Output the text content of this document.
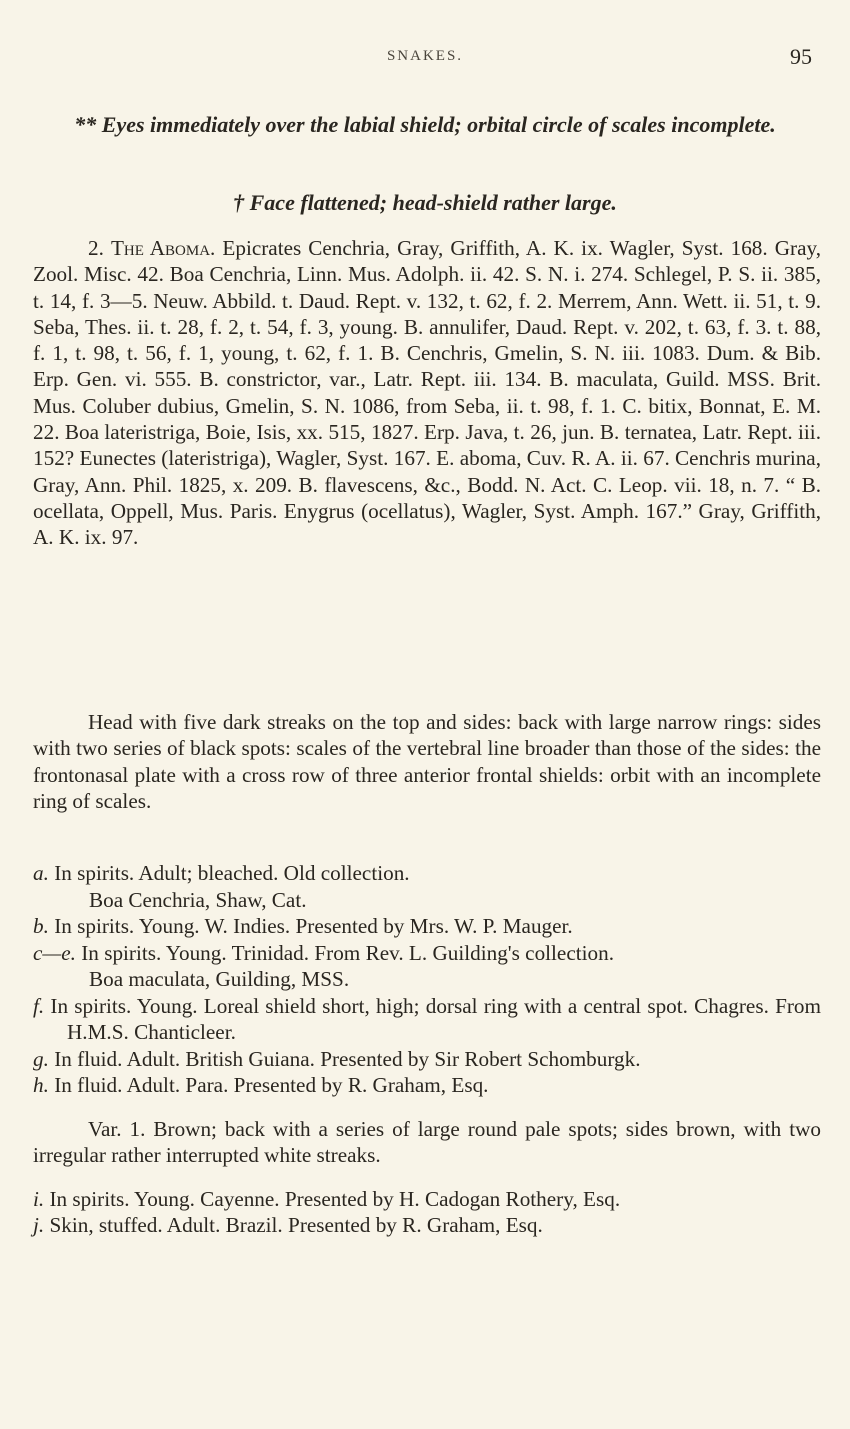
SNAKES.	95
** Eyes immediately over the labial shield; orbital circle of scales incomplete.
† Face flattened; head-shield rather large.
2. The Aboma. Epicrates Cenchria, Gray, Griffith, A. K. ix. Wagler, Syst. 168. Gray, Zool. Misc. 42. Boa Cenchria, Linn. Mus. Adolph. ii. 42. S. N. i. 274. Schlegel, P. S. ii. 385, t. 14, f. 3—5. Neuw. Abbild. t. Daud. Rept. v. 132, t. 62, f. 2. Merrem, Ann. Wett. ii. 51, t. 9. Seba, Thes. ii. t. 28, f. 2, t. 54, f. 3, young. B. annulifer, Daud. Rept. v. 202, t. 63, f. 3. t. 88, f. 1, t. 98, t. 56, f. 1, young, t. 62, f. 1. B. Cenchris, Gmelin, S. N. iii. 1083. Dum. & Bib. Erp. Gen. vi. 555. B. constrictor, var., Latr. Rept. iii. 134. B. maculata, Guild. MSS. Brit. Mus. Coluber dubius, Gmelin, S. N. 1086, from Seba, ii. t. 98, f. 1. C. bitix, Bonnat, E. M. 22. Boa lateristriga, Boie, Isis, xx. 515, 1827. Erp. Java, t. 26, jun. B. ternatea, Latr. Rept. iii. 152? Eunectes (lateristriga), Wagler, Syst. 167. E. aboma, Cuv. R. A. ii. 67. Cenchris murina, Gray, Ann. Phil. 1825, x. 209. B. flavescens, &c., Bodd. N. Act. C. Leop. vii. 18, n. 7. “ B. ocellata, Oppell, Mus. Paris. Enygrus (ocellatus), Wagler, Syst. Amph. 167.” Gray, Griffith, A. K. ix. 97.
Head with five dark streaks on the top and sides: back with large narrow rings: sides with two series of black spots: scales of the vertebral line broader than those of the sides: the frontonasal plate with a cross row of three anterior frontal shields: orbit with an incomplete ring of scales.
a. In spirits. Adult; bleached. Old collection.
Boa Cenchria, Shaw, Cat.
b. In spirits. Young. W. Indies. Presented by Mrs. W. P. Mauger.
c—e. In spirits. Young. Trinidad. From Rev. L. Guilding's collection.
Boa maculata, Guilding, MSS.
f. In spirits. Young. Loreal shield short, high; dorsal ring with a central spot. Chagres. From H.M.S. Chanticleer.
g. In fluid. Adult. British Guiana. Presented by Sir Robert Schomburgk.
h. In fluid. Adult. Para. Presented by R. Graham, Esq.
Var. 1. Brown; back with a series of large round pale spots; sides brown, with two irregular rather interrupted white streaks.
i. In spirits. Young. Cayenne. Presented by H. Cadogan Rothery, Esq.
j. Skin, stuffed. Adult. Brazil. Presented by R. Graham, Esq.
